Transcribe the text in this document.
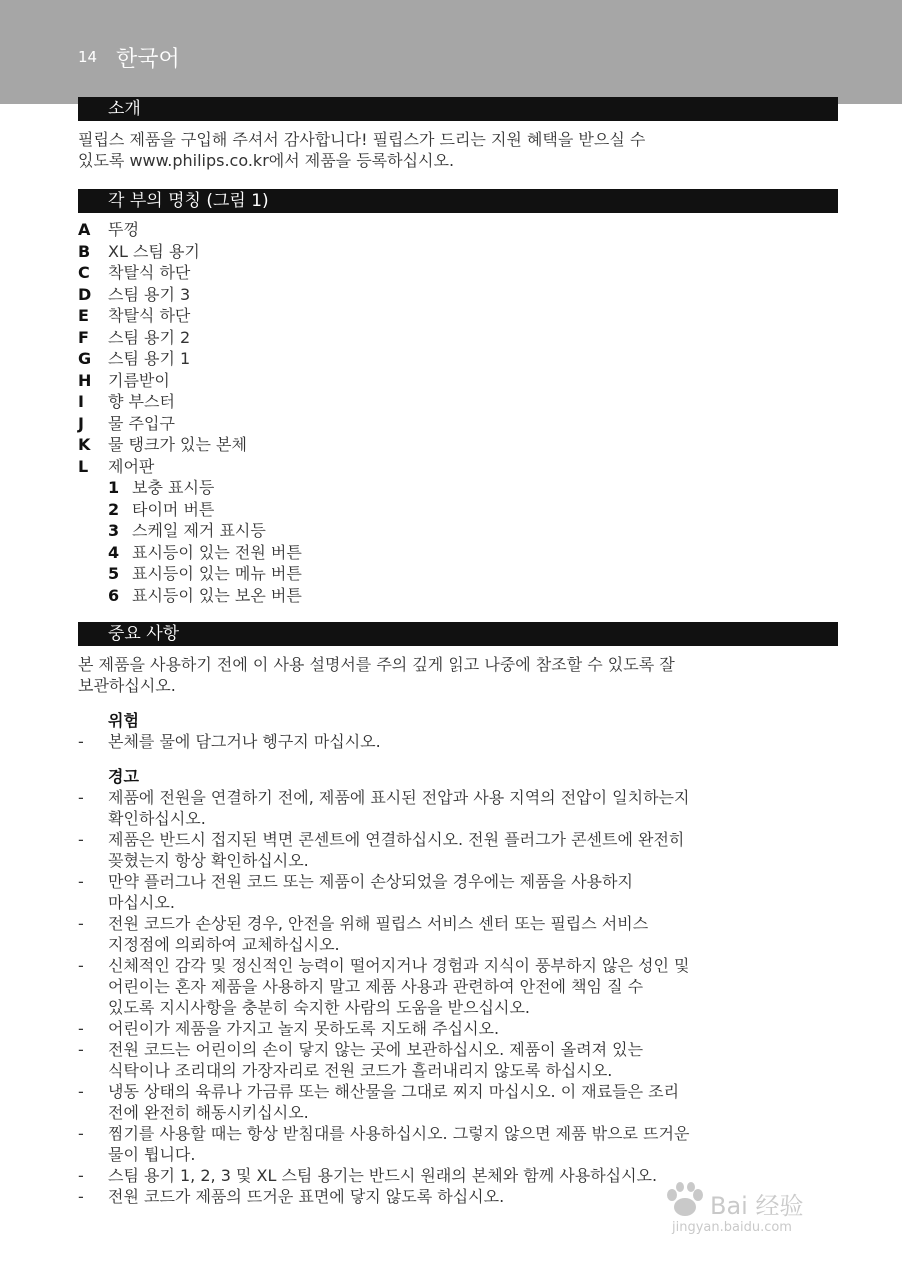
14 한국어
소개
필립스 제품을 구입해 주셔서 감사합니다! 필립스가 드리는 지원 혜택을 받으실 수
있도록 www.philips.co.kr에서 제품을 등록하십시오.
각 부의 명칭 (그림 1)
A	뚜껑
B	XL 스팀 용기
C	착탈식 하단
D	스팀 용기 3
E	착탈식 하단
F	스팀 용기 2
G	스팀 용기 1
H	기름받이
I	향 부스터
J	물 주입구
K	물 탱크가 있는 본체
L	제어판
1 보충 표시등
2 타이머 버튼
3 스케일 제거 표시등
4 표시등이 있는 전원 버튼
5 표시등이 있는 메뉴 버튼
6 표시등이 있는 보온 버튼
중요 사항
본 제품을 사용하기 전에 이 사용 설명서를 주의 깊게 읽고 나중에 참조할 수 있도록 잘
보관하십시오.
위험
-	본체를 물에 담그거나 헹구지 마십시오.
경고
-	제품에 전원을 연결하기 전에, 제품에 표시된 전압과 사용 지역의 전압이 일치하는지
확인하십시오.
-	제품은 반드시 접지된 벽면 콘센트에 연결하십시오. 전원 플러그가 콘센트에 완전히
꽂혔는지 항상 확인하십시오.
-	만약 플러그나 전원 코드 또는 제품이 손상되었을 경우에는 제품을 사용하지
마십시오.
-	전원 코드가 손상된 경우, 안전을 위해 필립스 서비스 센터 또는 필립스 서비스
지정점에 의뢰하여 교체하십시오.
-	신체적인 감각 및 정신적인 능력이 떨어지거나 경험과 지식이 풍부하지 않은 성인 및
어린이는 혼자 제품을 사용하지 말고 제품 사용과 관련하여 안전에 책임 질 수
있도록 지시사항을 충분히 숙지한 사람의 도움을 받으십시오.
-	어린이가 제품을 가지고 놀지 못하도록 지도해 주십시오.
-	전원 코드는 어린이의 손이 닿지 않는 곳에 보관하십시오. 제품이 올려져 있는
식탁이나 조리대의 가장자리로 전원 코드가 흘러내리지 않도록 하십시오.
-	냉동 상태의 육류나 가금류 또는 해산물을 그대로 찌지 마십시오. 이 재료들은 조리
전에 완전히 해동시키십시오.
-	찜기를 사용할 때는 항상 받침대를 사용하십시오. 그렇지 않으면 제품 밖으로 뜨거운
물이 튑니다.
-	스팀 용기 1, 2, 3 및 XL 스팀 용기는 반드시 원래의 본체와 함께 사용하십시오.
-	전원 코드가 제품의 뜨거운 표면에 닿지 않도록 하십시오.	Bai 经验
jingyan.baidu.com
